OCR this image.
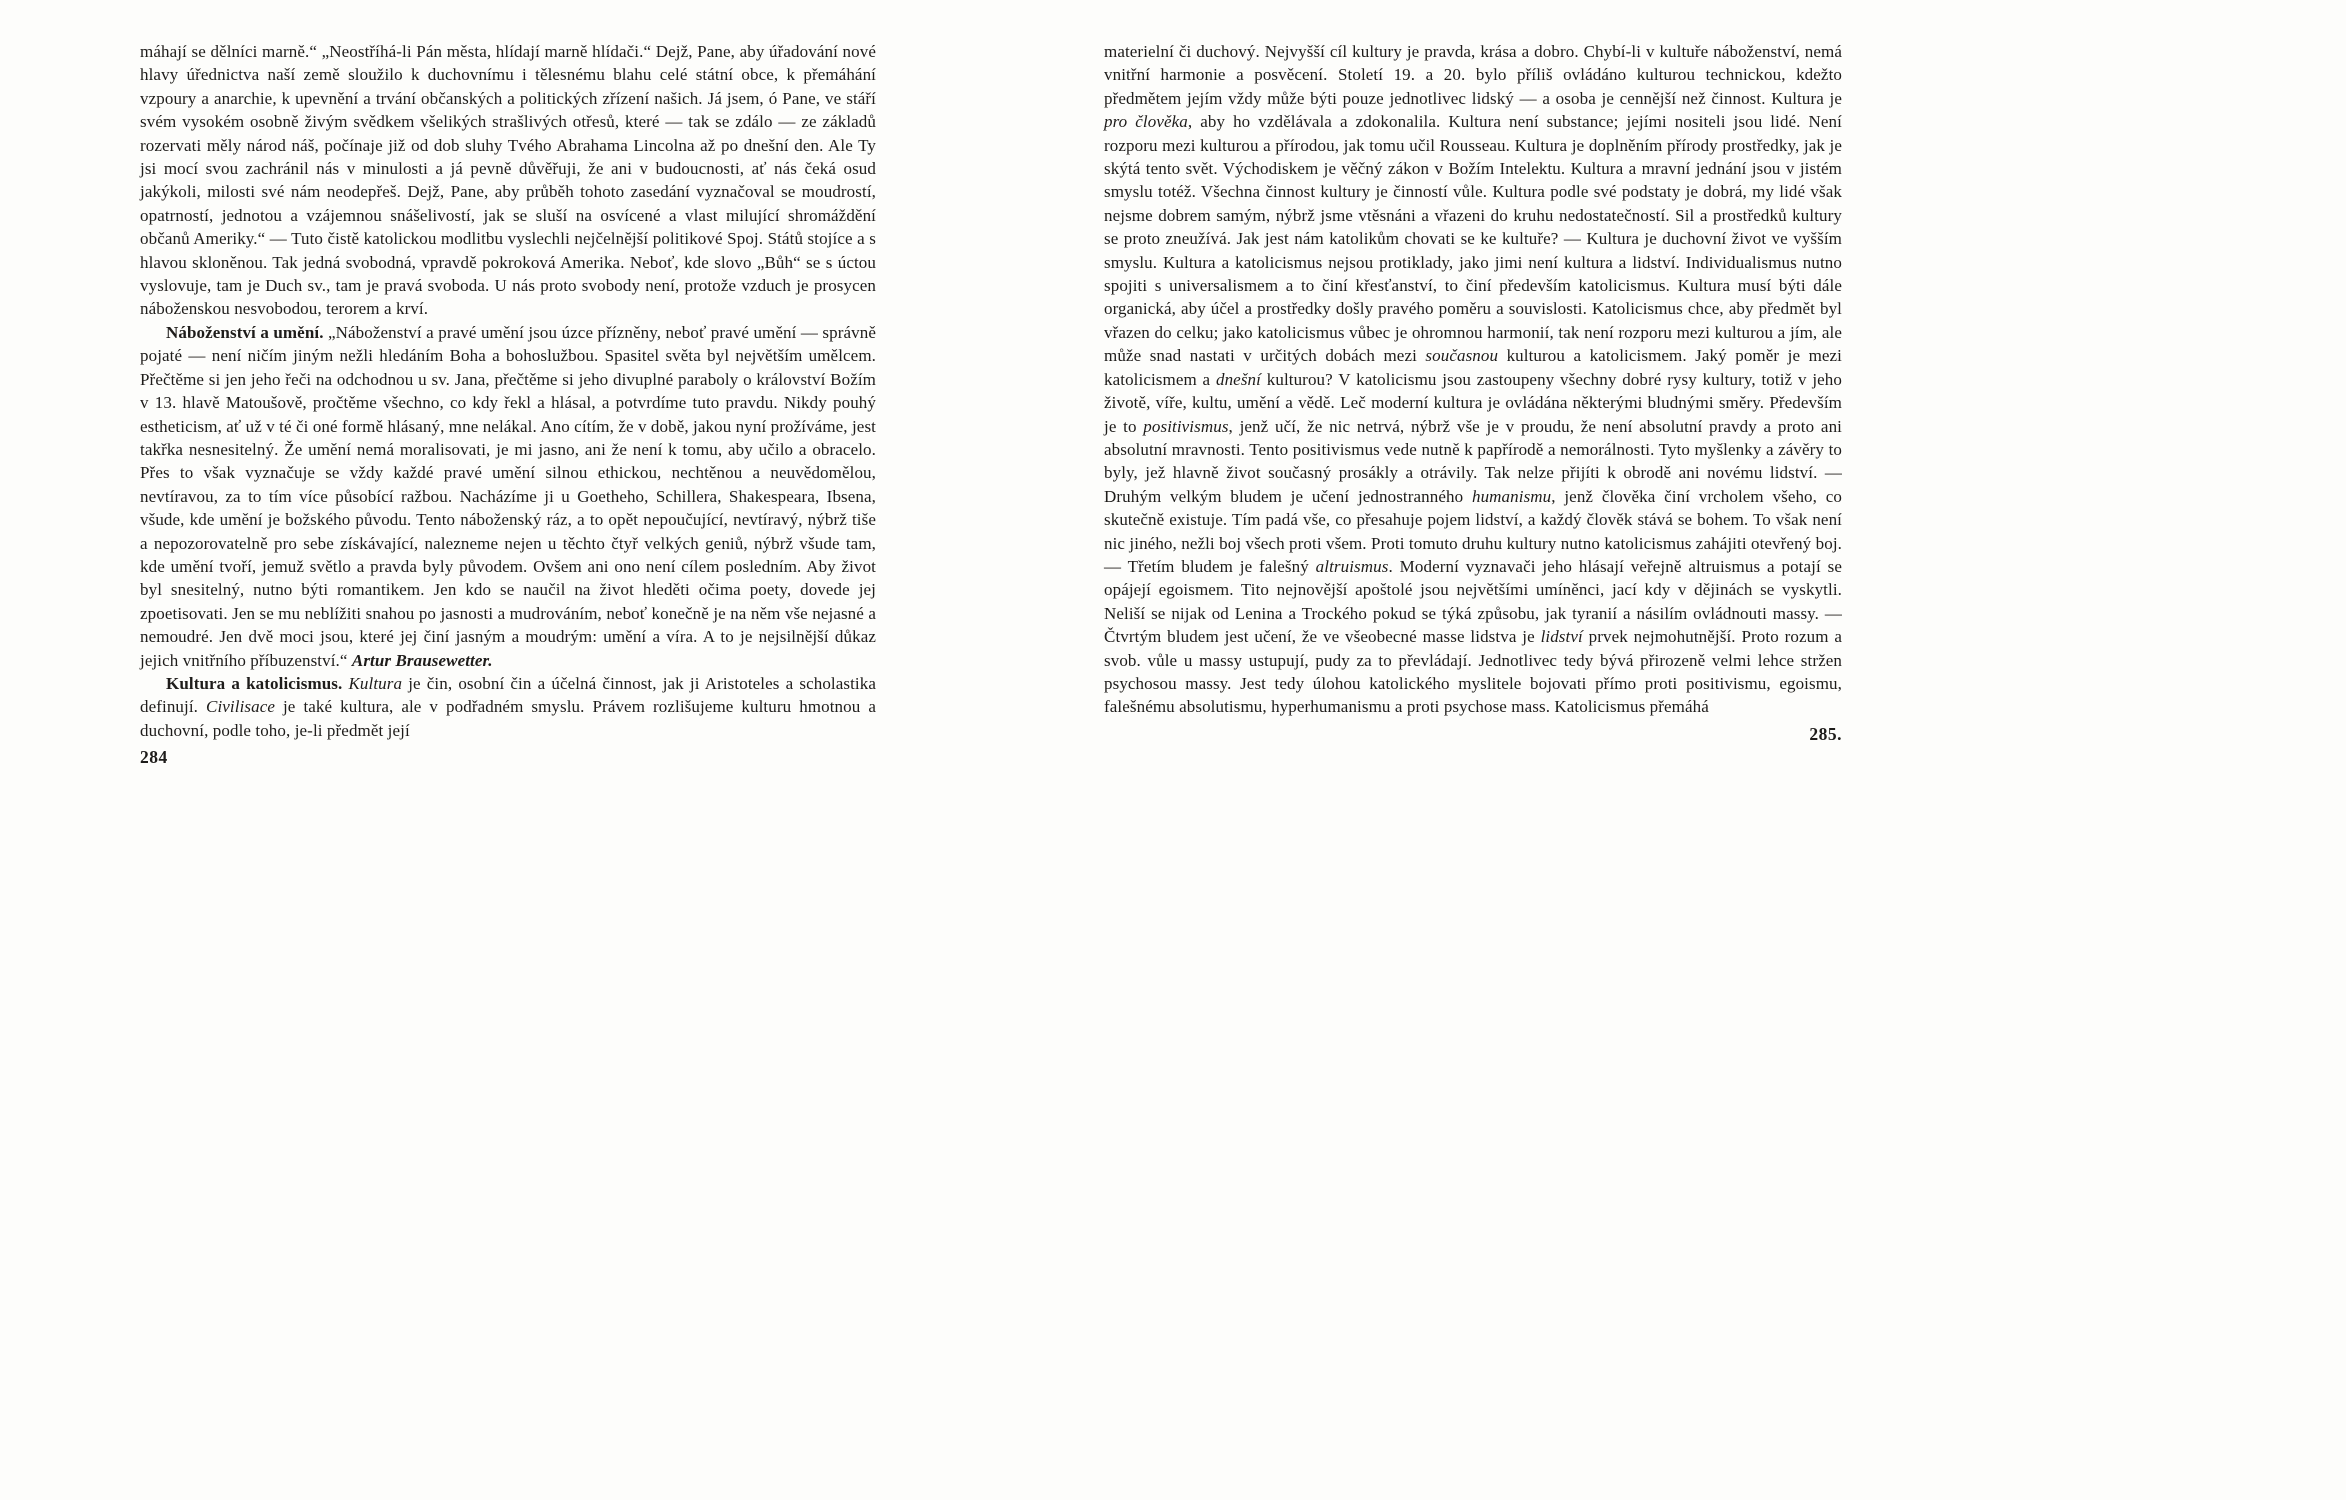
máhají se dělníci marně.“ „Neostříhá-li Pán města, hlídají marně hlídači.“ Dejž, Pane, aby úřadování nové hlavy úřednictva naší země sloužilo k duchovnímu i tělesnému blahu celé státní obce, k přemáhání vzpoury a anarchie, k upevnění a trvání občanských a politických zřízení našich. Já jsem, ó Pane, ve stáří svém vysokém osobně živým svědkem všelikých strašlivých otřesů, které — tak se zdálo — ze základů rozervati měly národ náš, počínaje již od dob sluhy Tvého Abrahama Lincolna až po dnešní den. Ale Ty jsi mocí svou zachránil nás v minulosti a já pevně důvěřuji, že ani v budoucnosti, ať nás čeká osud jakýkoli, milosti své nám neodepřeš. Dejž, Pane, aby průběh tohoto zasedání vyznačoval se moudrostí, opatrností, jednotou a vzájemnou snášelivostí, jak se sluší na osvícené a vlast milující shromáždění občanů Ameriky.“ — Tuto čistě katolickou modlitbu vyslechli nejčelnější politikové Spoj. Států stojíce a s hlavou skloněnou. Tak jedná svobodná, vpravdě pokroková Amerika. Neboť, kde slovo „Bůh“ se s úctou vyslovuje, tam je Duch sv., tam je pravá svoboda. U nás proto svobody není, protože vzduch je prosycen náboženskou nesvobodou, terorem a krví.

Náboženství a umění. „Náboženství a pravé umění jsou úzce přízněny, neboť pravé umění — správně pojaté — není ničím jiným nežli hledáním Boha a bohoslužbou. Spasitel světa byl největším umělcem. Přečtěme si jen jeho řeči na odchodnou u sv. Jana, přečtěme si jeho divuplné paraboly o království Božím v 13. hlavě Matoušově, pročtěme všechno, co kdy řekl a hlásal, a potvrdíme tuto pravdu. Nikdy pouhý estheticism, ať už v té či oné formě hlásaný, mne nelákal. Ano cítím, že v době, jakou nyní prožíváme, jest takřka nesnesitelný. Že umění nemá moralisovati, je mi jasno, ani že není k tomu, aby učilo a obracelo. Přes to však vyznačuje se vždy každé pravé umění silnou ethickou, nechtěnou a neuvědomělou, nevtíravou, za to tím více působící ražbou. Nacházíme ji u Goetheho, Schillera, Shakespeara, Ibsena, všude, kde umění je božského původu. Tento náboženský ráz, a to opět nepoučující, nevtíravý, nýbrž tiše a nepozorovatelně pro sebe získávající, nalezneme nejen u těchto čtyř velkých geniů, nýbrž všude tam, kde umění tvoří, jemuž světlo a pravda byly původem. Ovšem ani ono není cílem posledním. Aby život byl snesitelný, nutno býti romantikem. Jen kdo se naučil na život hleděti očima poety, dovede jej zpoetisovati. Jen se mu neblížiti snahou po jasnosti a mudrováním, neboť konečně je na něm vše nejasné a nemoudré. Jen dvě moci jsou, které jej činí jasným a moudrým: umění a víra. A to je nejsilnější důkaz jejich vnitřního příbuzenství.“ Artur Brausewetter.

Kultura a katolicismus. Kultura je čin, osobní čin a účelná činnost, jak ji Aristoteles a scholastika definují. Civilisace je také kultura, ale v podřadném smyslu. Právem rozlišujeme kulturu hmotnou a duchovní, podle toho, je-li předmět její

284

materielní či duchový. Nejvyšší cíl kultury je pravda, krása a dobro. Chybí-li v kultuře náboženství, nemá vnitřní harmonie a posvěcení. Století 19. a 20. bylo příliš ovládáno kulturou technickou, kdežto předmětem jejím vždy může býti pouze jednotlivec lidský — a osoba je cennější než činnost. Kultura je pro člověka, aby ho vzdělávala a zdokonalila. Kultura není substance; jejími nositeli jsou lidé. Není rozporu mezi kulturou a přírodou, jak tomu učil Rousseau. Kultura je doplněním přírody prostředky, jak je skýtá tento svět. Východiskem je věčný zákon v Božím Intelektu. Kultura a mravní jednání jsou v jistém smyslu totéž. Všechna činnost kultury je činností vůle. Kultura podle své podstaty je dobrá, my lidé však nejsme dobrem samým, nýbrž jsme vtěsnáni a vřazeni do kruhu nedostatečností. Sil a prostředků kultury se proto zneužívá. Jak jest nám katolikům chovati se ke kultuře? — Kultura je duchovní život ve vyšším smyslu. Kultura a katolicismus nejsou protiklady, jako jimi není kultura a lidství. Individualismus nutno spojiti s universalismem a to činí křesťanství, to činí především katolicismus. Kultura musí býti dále organická, aby účel a prostředky došly pravého poměru a souvislosti. Katolicismus chce, aby předmět byl vřazen do celku; jako katolicismus vůbec je ohromnou harmonií, tak není rozporu mezi kulturou a jím, ale může snad nastati v určitých dobách mezi současnou kulturou a katolicismem. Jaký poměr je mezi katolicismem a dnešní kulturou? V katolicismu jsou zastoupeny všechny dobré rysy kultury, totiž v jeho životě, víře, kultu, umění a vědě. Leč moderní kultura je ovládána některými bludnými směry. Především je to positivismus, jenž učí, že nic netrvá, nýbrž vše je v proudu, že není absolutní pravdy a proto ani absolutní mravnosti. Tento positivismus vede nutně k papřírodě a nemorálnosti. Tyto myšlenky a závěry to byly, jež hlavně život současný prosákly a otrávily. Tak nelze přijíti k obrodě ani novému lidství. — Druhým velkým bludem je učení jednostranného humanismu, jenž člověka činí vrcholem všeho, co skutečně existuje. Tím padá vše, co přesahuje pojem lidství, a každý člověk stává se bohem. To však není nic jiného, nežli boj všech proti všem. Proti tomuto druhu kultury nutno katolicismus zahájiti otevřený boj. — Třetím bludem je falešný altruismus. Moderní vyznavači jeho hlásají veřejně altruismus a potají se opájejí egoismem. Tito nejnovější apoštolé jsou největšími umíněnci, jací kdy v dějinách se vyskytli. Neliší se nijak od Lenina a Trockého pokud se týká způsobu, jak tyranií a násilím ovládnouti massy. — Čtvrtým bludem jest učení, že ve všeobecné masse lidstva je lidství prvek nejmohutnější. Proto rozum a svob. vůle u massy ustupují, pudy za to převládají. Jednotlivec tedy bývá přirozeně velmi lehce stržen psychosou massy. Jest tedy úlohou katolického myslitele bojovati přímo proti positivismu, egoismu, falešnému absolutismu, hyperhumanismu a proti psychose mass. Katolicismus přemáhá

285.
